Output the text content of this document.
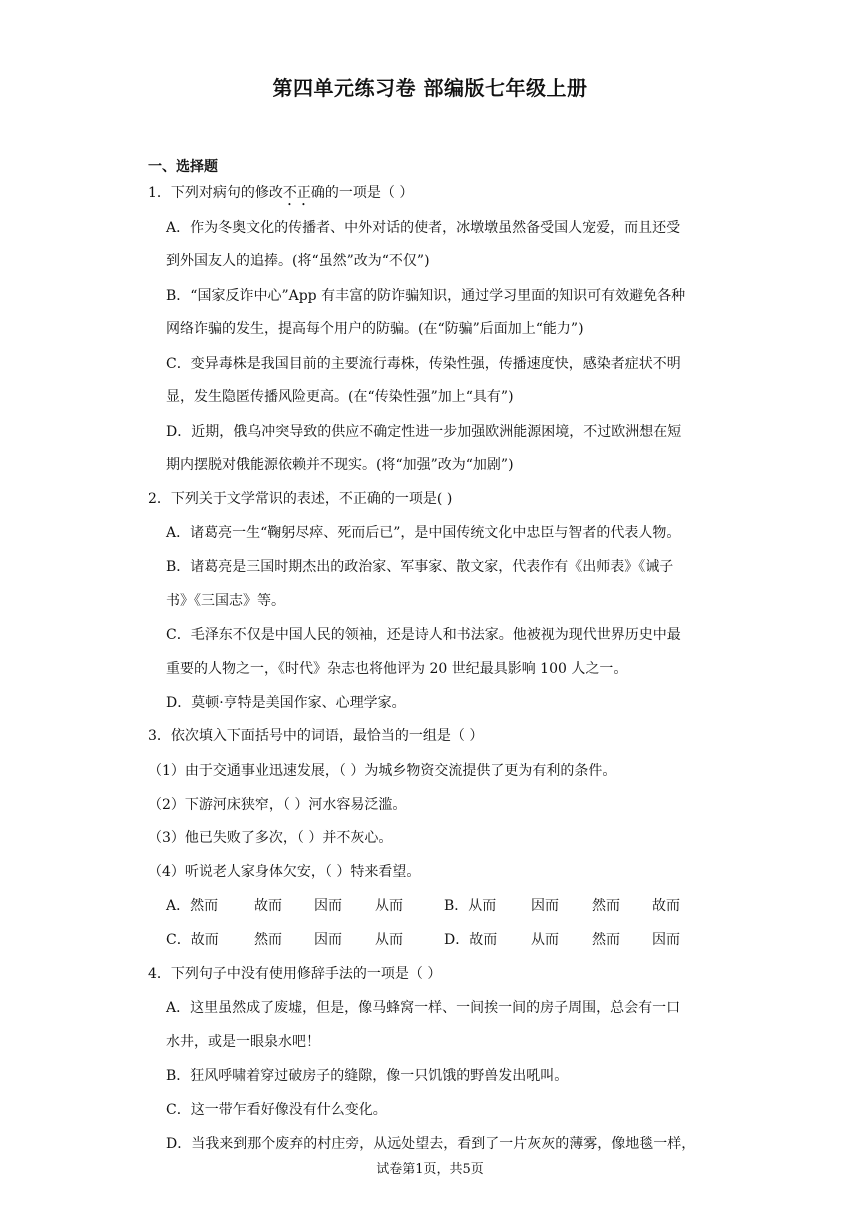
第四单元练习卷 部编版七年级上册
一、选择题
1．下列对病句的修改不正确的一项是（ ）
A．作为冬奥文化的传播者、中外对话的使者，冰墩墩虽然备受国人宠爱，而且还受
到外国友人的追捧。(将“虽然”改为“不仅”)
B．“国家反诈中心”App 有丰富的防诈骗知识，通过学习里面的知识可有效避免各种
网络诈骗的发生，提高每个用户的防骗。(在“防骗”后面加上“能力”)
C．变异毒株是我国目前的主要流行毒株，传染性强，传播速度快，感染者症状不明
显，发生隐匿传播风险更高。(在“传染性强”加上“具有”)
D．近期，俄乌冲突导致的供应不确定性进一步加强欧洲能源困境，不过欧洲想在短
期内摆脱对俄能源依赖并不现实。(将“加强”改为“加剧”)
2．下列关于文学常识的表述，不正确的一项是( )
A．诸葛亮一生“鞠躬尽瘁、死而后已”，是中国传统文化中忠臣与智者的代表人物。
B．诸葛亮是三国时期杰出的政治家、军事家、散文家，代表作有《出师表》《诫子
书》《三国志》等。
C．毛泽东不仅是中国人民的领袖，还是诗人和书法家。他被视为现代世界历史中最
重要的人物之一，《时代》杂志也将他评为 20 世纪最具影响 100 人之一。
D．莫顿·亨特是美国作家、心理学家。
3．依次填入下面括号中的词语，最恰当的一组是（ ）
（1）由于交通事业迅速发展，（ ）为城乡物资交流提供了更为有利的条件。
（2）下游河床狭窄，（ ）河水容易泛滥。
（3）他已失败了多次，（ ）并不灰心。
（4）听说老人家身体欠安，（ ）特来看望。
A．然而	故而 因而 从而	B．从而 因而 然而 故而
C．故而	然而 因而 从而	D．故而 从而 然而 因而
4．下列句子中没有使用修辞手法的一项是（ ）
A．这里虽然成了废墟，但是，像马蜂窝一样、一间挨一间的房子周围，总会有一口
水井，或是一眼泉水吧！
B．狂风呼啸着穿过破房子的缝隙，像一只饥饿的野兽发出吼叫。
C．这一带乍看好像没有什么变化。
D．当我来到那个废弃的村庄旁，从远处望去，看到了一片灰灰的薄雾，像地毯一样，
试卷第1页，共5页
